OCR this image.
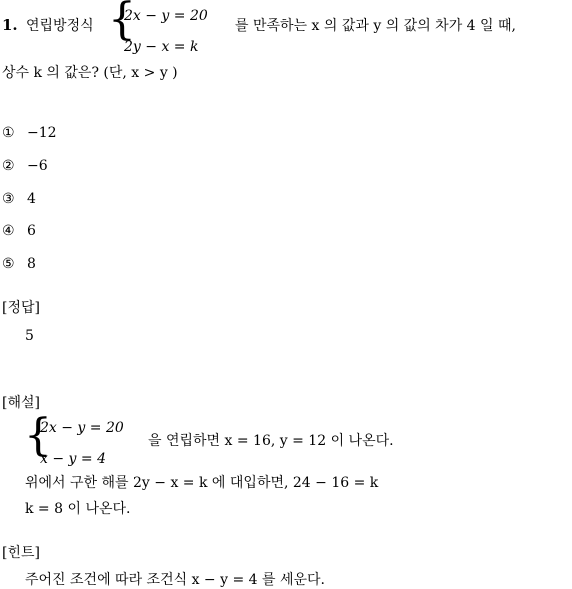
1. 연립방정식 {
2x − y = 20
2y − x = k
를 만족하는 x 의 값과 y 의 값의 차가 4 일 때,
상수 k 의 값은? (단, x > y )
① −12
② −6
③ 4
④ 6
⑤ 8
[정답]
5
[해설]
{
2x − y = 20
x − y = 4
을 연립하면 x = 16, y = 12 이 나온다.
위에서 구한 해를 2y − x = k 에 대입하면, 24 − 16 = k
k = 8 이 나온다.
[힌트]
주어진 조건에 따라 조건식 x − y = 4 를 세운다.
